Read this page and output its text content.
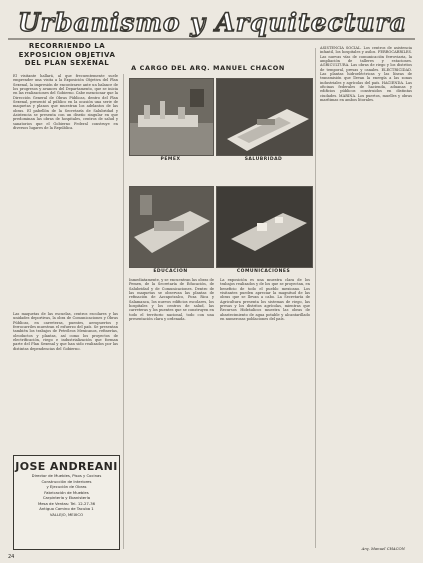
Urbanismo y Arquitectura
RECORRIENDO LA
EXPOSICION OBJETIVA
DEL PLAN SEXENAL
A CARGO DEL ARQ. MANUEL CHACON
PEMEX	SALUBRIDAD
EDUCACION	COMUNICACIONES
El visitante hallará, al que frecuentemente suele emprender una visita a la Exposición Objetiva del Plan Sexenal, la impresión de encontrarse ante un balance de los progresos y avances del Departamento, que se inicia en las realizaciones del Gobierno. Cabe mencionar que la Dirección General de Obras Públicas, dentro del Plan Sexenal, presentó al público en la ocasión una serie de maquetas y planos que muestran los adelantos de las obras. El pabellón de la Secretaría de Salubridad y Asistencia se presenta con un diseño singular en que predominan las obras de hospitales, centros de salud y sanatorios que el Gobierno Federal construye en diversos lugares de la República.
Las maquetas de las escuelas, centros escolares y las unidades deportivas, la obra de Comunicaciones y Obras Públicas, en carreteras, puentes, aeropuertos y ferrocarriles muestran el esfuerzo del país. Se presentan también los trabajos de Petróleos Mexicanos, refinerías, oleoductos y plantas, así como los proyectos de electrificación, riego e industrialización que forman parte del Plan Sexenal y que han sido realizados por las distintas dependencias del Gobierno.
Inmediatamente, y se encuentran las obras de Pemex, de la Secretaría de Educación, de Salubridad y de Comunicaciones. Dentro de las maquetas se observan las plantas de refinación de Azcapotzalco, Poza Rica y Salamanca, los nuevos edificios escolares, los hospitales y los centros de salud, las carreteras y los puentes que se construyen en todo el territorio nacional, todo con una presentación clara y ordenada.
La exposición es una muestra clara de los trabajos realizados y de los que se proyectan, en beneficio de todo el pueblo mexicano. Los visitantes pueden apreciar la magnitud de las obras que se llevan a cabo. La Secretaría de Agricultura presenta los sistemas de riego, las presas y los distritos agrícolas, mientras que Recursos Hidráulicos muestra las obras de abastecimiento de agua potable y alcantarillado en numerosas poblaciones del país.
ASISTENCIA SOCIAL. Los centros de asistencia infantil, los hospitales y asilos. FERROCARRILES. Las nuevas vías de comunicación ferroviaria, la ampliación de talleres y estaciones. AGRICULTURA. Las obras de riego y los distritos de temporal, presas y canales. ELECTRICIDAD. Las plantas hidroeléctricas y las líneas de transmisión que llevan la energía a las zonas industriales y agrícolas del país. HACIENDA. Las oficinas federales de hacienda, aduanas y edificios públicos construidos en distintas ciudades. MARINA. Los puertos, muelles y obras marítimas en ambos litorales.
JOSE ANDREANI
Director de Muebles, Pisos y Cocinas
Construcción de Interiores
y Ejecución de Obras
Fabricación de Muebles
Carpintería y Ebanistería
Mesa de Ventas: Tel. 12-27-36
Antiguo Camino de Tacuba 1
VALLEJO, MEXICO
24
Arq. Manuel CHACON
